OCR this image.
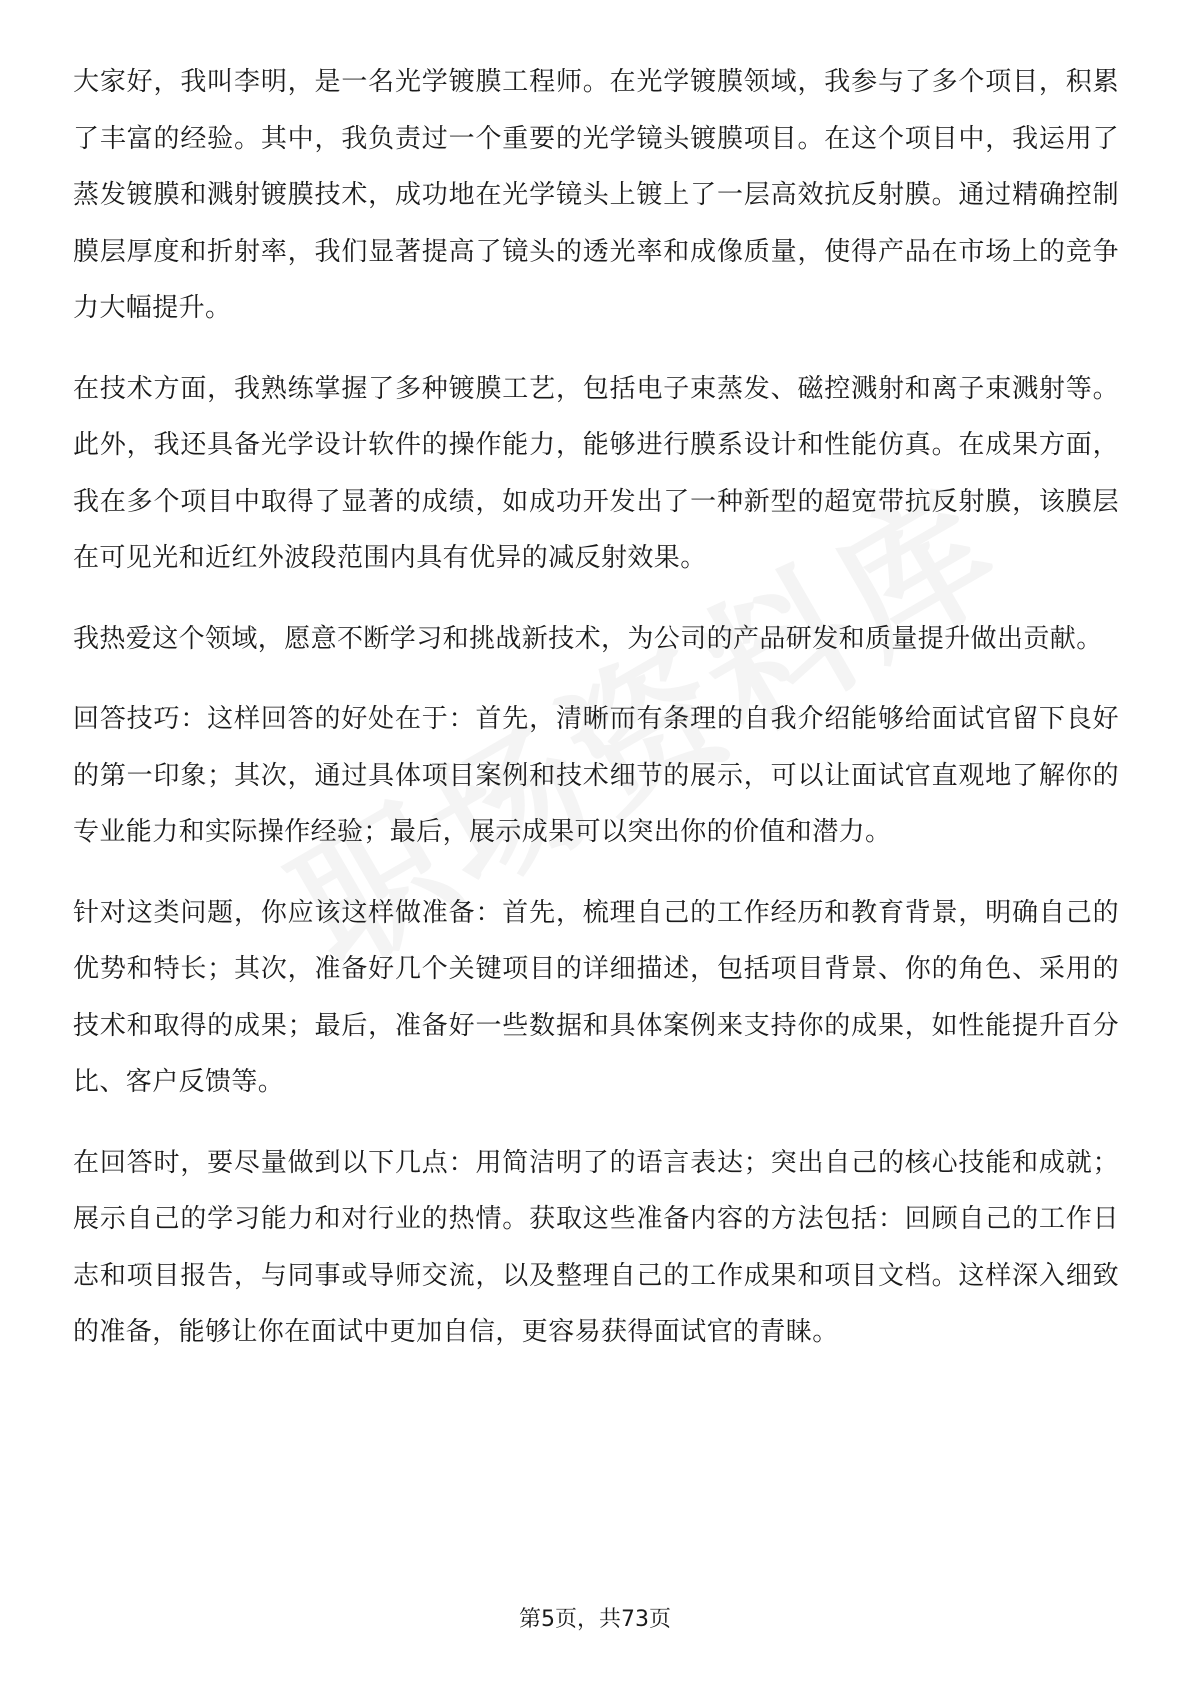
大家好，我叫李明，是一名光学镀膜工程师。在光学镀膜领域，我参与了多个项目，积累了丰富的经验。其中，我负责过一个重要的光学镜头镀膜项目。在这个项目中，我运用了蒸发镀膜和溅射镀膜技术，成功地在光学镜头上镀上了一层高效抗反射膜。通过精确控制膜层厚度和折射率，我们显著提高了镜头的透光率和成像质量，使得产品在市场上的竞争力大幅提升。

在技术方面，我熟练掌握了多种镀膜工艺，包括电子束蒸发、磁控溅射和离子束溅射等。此外，我还具备光学设计软件的操作能力，能够进行膜系设计和性能仿真。在成果方面，我在多个项目中取得了显著的成绩，如成功开发出了一种新型的超宽带抗反射膜，该膜层在可见光和近红外波段范围内具有优异的减反射效果。

我热爱这个领域，愿意不断学习和挑战新技术，为公司的产品研发和质量提升做出贡献。

回答技巧：这样回答的好处在于：首先，清晰而有条理的自我介绍能够给面试官留下良好的第一印象；其次，通过具体项目案例和技术细节的展示，可以让面试官直观地了解你的专业能力和实际操作经验；最后，展示成果可以突出你的价值和潜力。

针对这类问题，你应该这样做准备：首先，梳理自己的工作经历和教育背景，明确自己的优势和特长；其次，准备好几个关键项目的详细描述，包括项目背景、你的角色、采用的技术和取得的成果；最后，准备好一些数据和具体案例来支持你的成果，如性能提升百分比、客户反馈等。

在回答时，要尽量做到以下几点：用简洁明了的语言表达；突出自己的核心技能和成就；展示自己的学习能力和对行业的热情。获取这些准备内容的方法包括：回顾自己的工作日志和项目报告，与同事或导师交流，以及整理自己的工作成果和项目文档。这样深入细致的准备，能够让你在面试中更加自信，更容易获得面试官的青睐。

第5页，共73页
